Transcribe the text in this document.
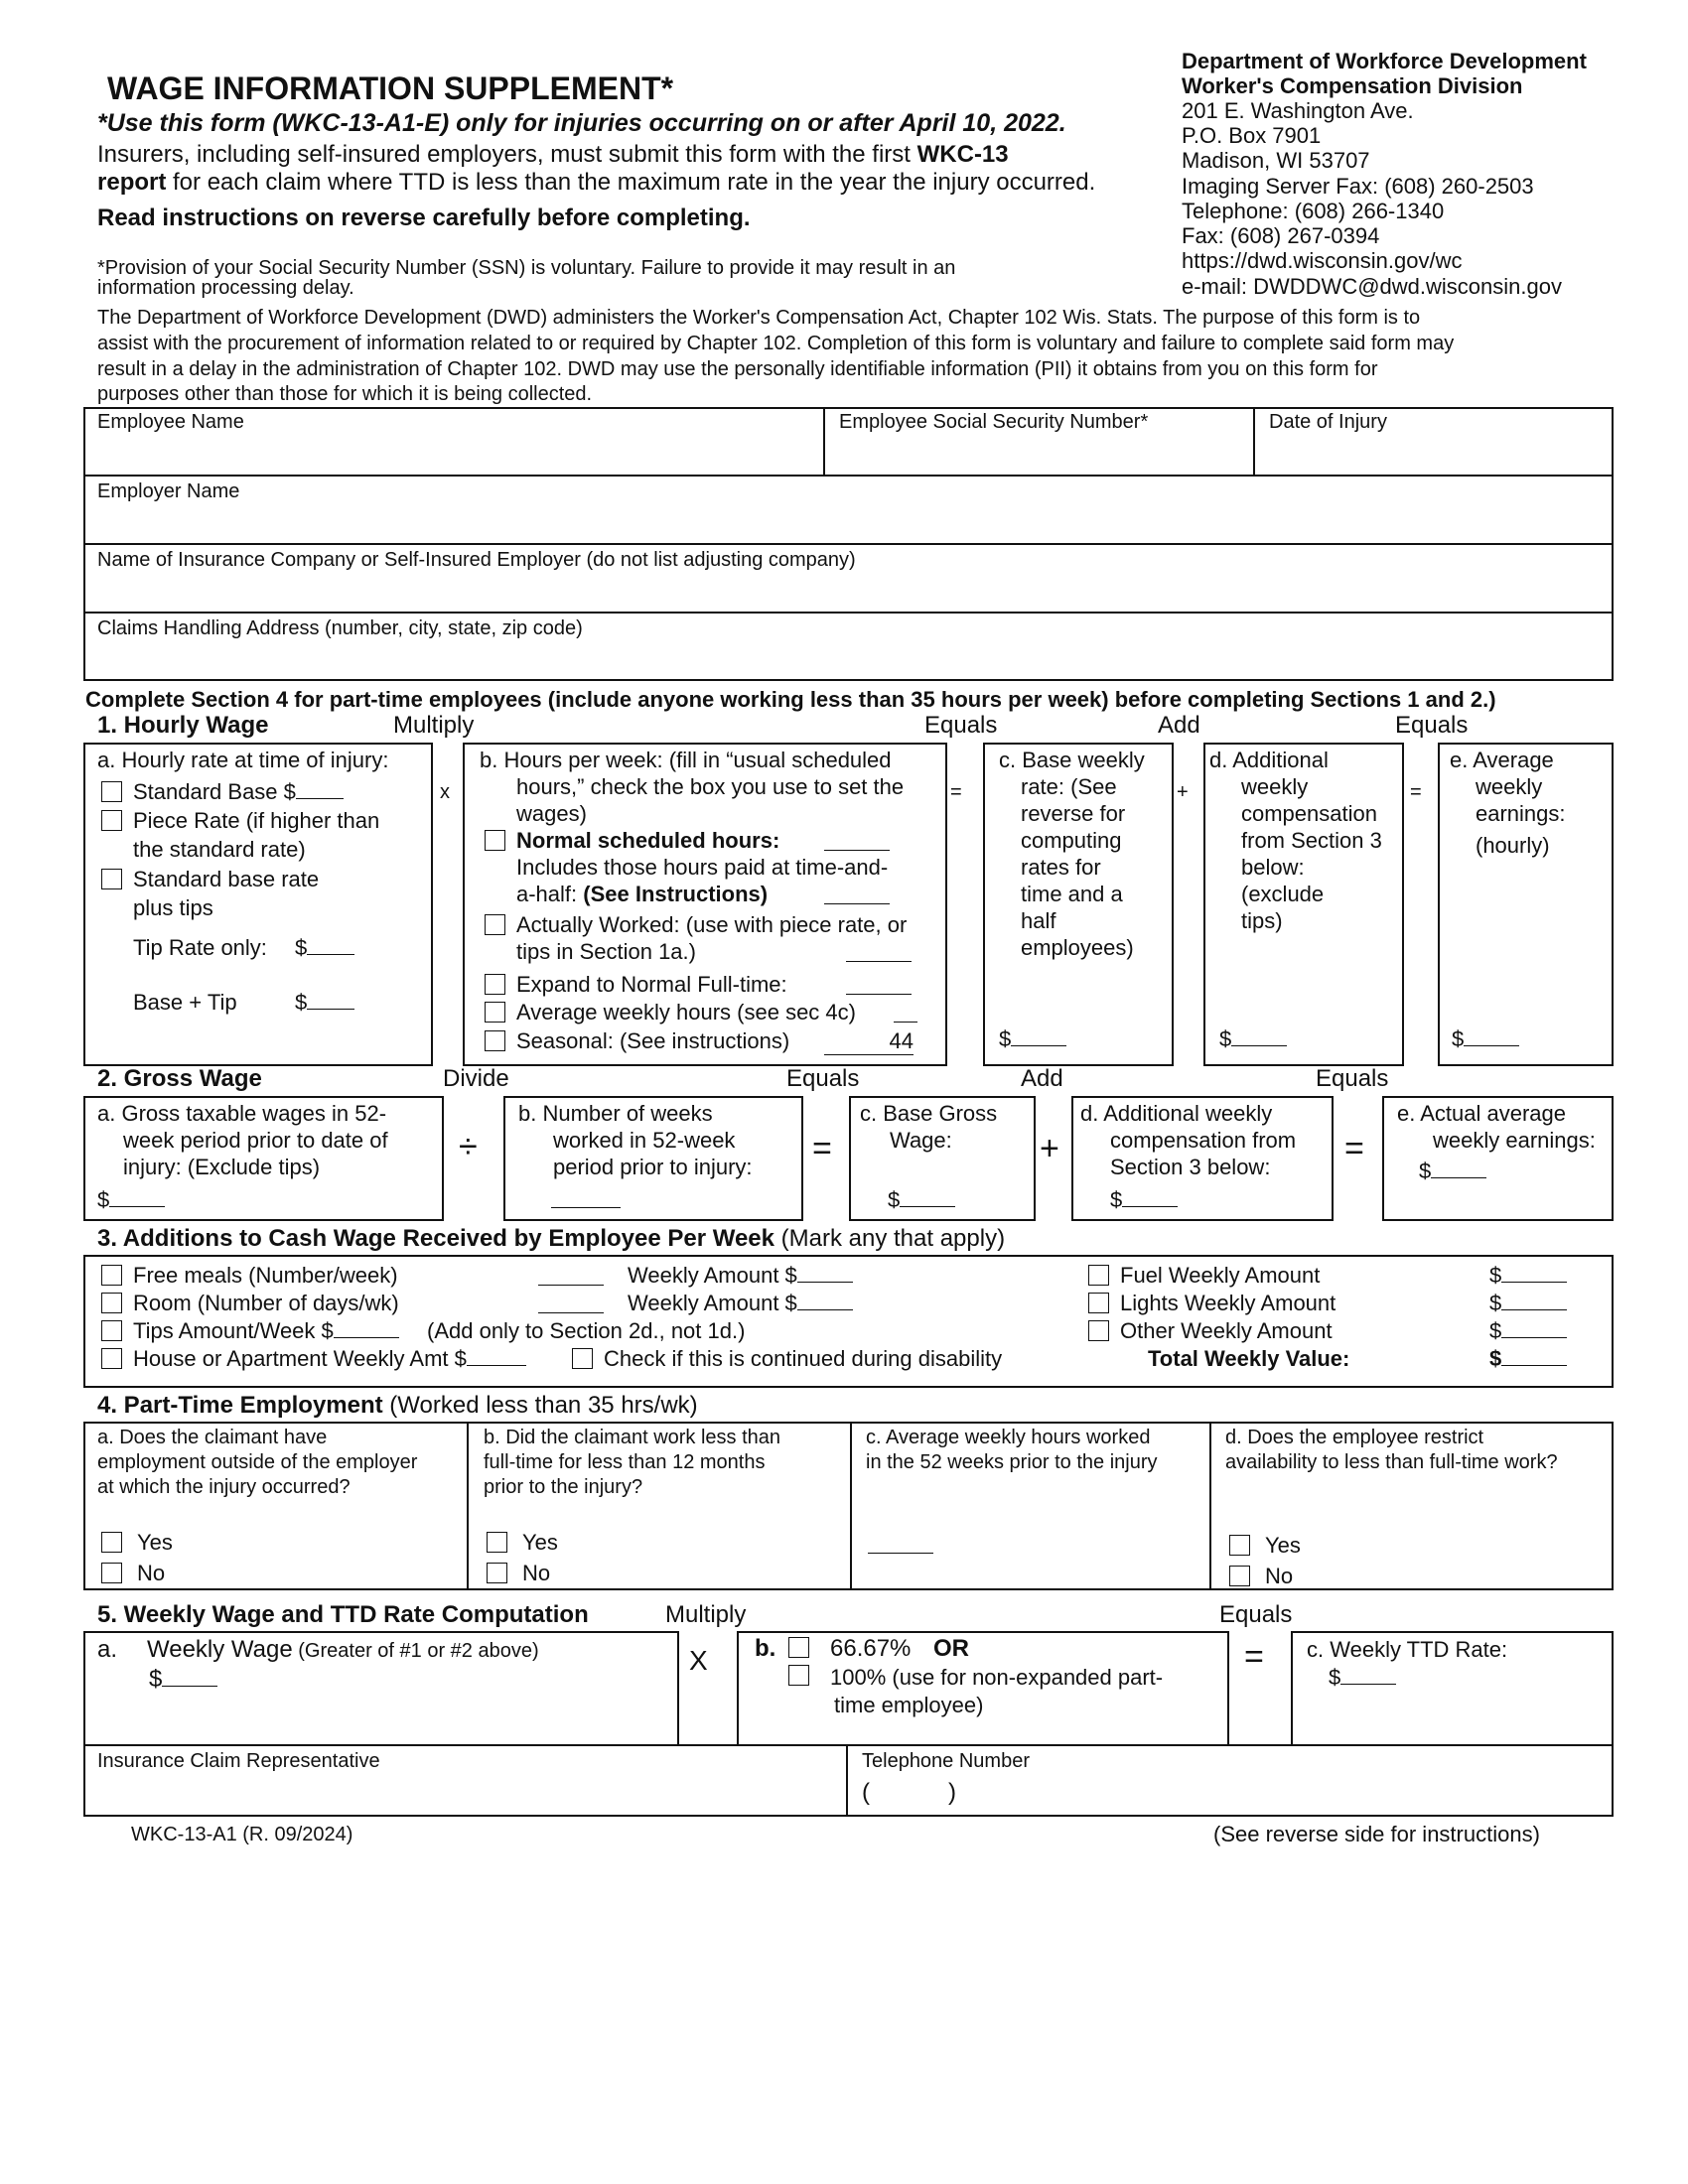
WAGE INFORMATION SUPPLEMENT*
*Use this form (WKC-13-A1-E) only for injuries occurring on or after April 10, 2022.
Insurers, including self-insured employers, must submit this form with the first WKC-13
report for each claim where TTD is less than the maximum rate in the year the injury occurred.
Read instructions on reverse carefully before completing.
*Provision of your Social Security Number (SSN) is voluntary. Failure to provide it may result in an
information processing delay.
The Department of Workforce Development (DWD) administers the Worker's Compensation Act, Chapter 102 Wis. Stats. The purpose of this form is to
assist with the procurement of information related to or required by Chapter 102. Completion of this form is voluntary and failure to complete said form may
result in a delay in the administration of Chapter 102. DWD may use the personally identifiable information (PII) it obtains from you on this form for
purposes other than those for which it is being collected.
Department of Workforce Development
Worker's Compensation Division
201 E. Washington Ave.
P.O. Box 7901
Madison, WI 53707
Imaging Server Fax: (608) 260-2503
Telephone: (608) 266-1340
Fax: (608) 267-0394
https://dwd.wisconsin.gov/wc
e-mail: DWDDWC@dwd.wisconsin.gov
Employee Name	Employee Social Security Number*	Date of Injury
Employer Name
Name of Insurance Company or Self-Insured Employer (do not list adjusting company)
Claims Handling Address (number, city, state, zip code)
Complete Section 4 for part-time employees (include anyone working less than 35 hours per week) before completing Sections 1 and 2.)
1. Hourly Wage	Multiply	Equals	Add	Equals
a. Hourly rate at time of injury:
Standard Base $
Piece Rate (if higher than
the standard rate)
Standard base rate
plus tips
Tip Rate only: $
Base + Tip	$
x
b. Hours per week: (fill in “usual scheduled
hours,” check the box you use to set the
wages)
Normal scheduled hours:
Includes those hours paid at time-and-
a-half: (See Instructions)
Actually Worked: (use with piece rate, or
tips in Section 1a.)
Expand to Normal Full-time:
Average weekly hours (see sec 4c)
Seasonal: (See instructions)	44
=
c. Base weekly
rate: (See
reverse for
computing
rates for
time and a
half
employees)
$
+
d. Additional
weekly
compensation
from Section 3
below:
(exclude
tips)
$
=
e. Average
weekly
earnings:
(hourly)
$
2. Gross Wage	Divide	Equals	Add	Equals
a. Gross taxable wages in 52-
week period prior to date of
injury: (Exclude tips)
$
÷
b. Number of weeks
worked in 52-week
period prior to injury: =
c. Base Gross
Wage:
$
+
d. Additional weekly
compensation from
Section 3 below:
$
=
e. Actual average
weekly earnings:
$
3. Additions to Cash Wage Received by Employee Per Week (Mark any that apply)
Free meals (Number/week)	Weekly Amount $
Room (Number of days/wk)	Weekly Amount $
Tips Amount/Week $	(Add only to Section 2d., not 1d.)
House or Apartment Weekly Amt $	Check if this is continued during disability
Fuel Weekly Amount	$
Lights Weekly Amount	$
Other Weekly Amount	$
Total Weekly Value:	$
4. Part-Time Employment (Worked less than 35 hrs/wk)
a. Does the claimant have
employment outside of the employer
at which the injury occurred?
Yes
No
b. Did the claimant work less than
full-time for less than 12 months
prior to the injury?
Yes
No
c. Average weekly hours worked
in the 52 weeks prior to the injury
d. Does the employee restrict
availability to less than full-time work?
Yes
No
5. Weekly Wage and TTD Rate Computation	Multiply	Equals
a. Weekly Wage (Greater of #1 or #2 above)
$
X b. 66.67% OR
100% (use for non-expanded part-
time employee)
= c. Weekly TTD Rate:
$
Insurance Claim Representative	Telephone Number
(	)
WKC-13-A1 (R. 09/2024)	(See reverse side for instructions)
